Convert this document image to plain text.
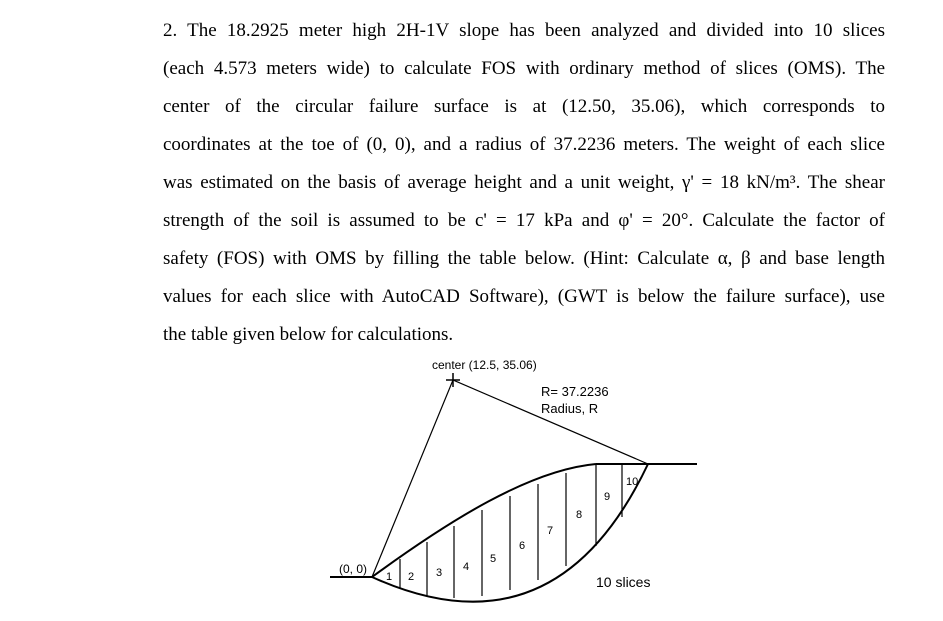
2. The 18.2925 meter high 2H-1V slope has been analyzed and divided into 10 slices

(each 4.573 meters wide) to calculate FOS with ordinary method of slices (OMS). The

center of the circular failure surface is at (12.50, 35.06), which corresponds to

coordinates at the toe of (0, 0), and a radius of 37.2236 meters. The weight of each slice

was estimated on the basis of average height and a unit weight, γ' = 18 kN/m³. The shear

strength of the soil is assumed to be c' = 17 kPa and φ' = 20°. Calculate the factor of

safety (FOS) with OMS by filling the table below. (Hint: Calculate α, β and base length

values for each slice with AutoCAD Software), (GWT is below the failure surface), use

the table given below for calculations.

center (12.5, 35.06)
R= 37.2236
Radius, R
(0, 0)
10 slices
1 2 3 4
5
6
7
8
9
10
